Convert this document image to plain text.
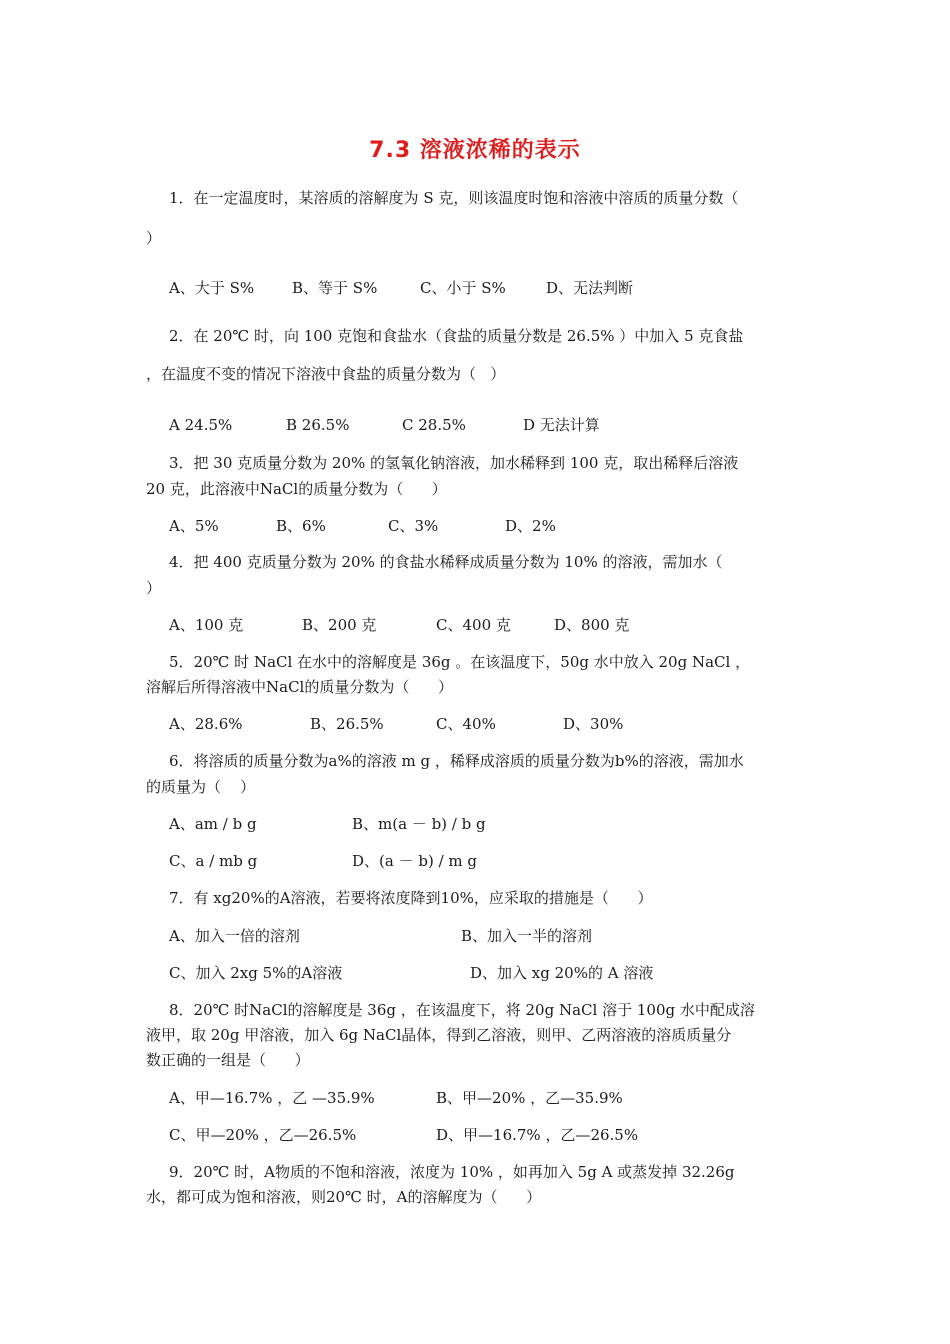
7.3 溶液浓稀的表示
1．在一定温度时，某溶质的溶解度为 S 克，则该温度时饱和溶液中溶质的质量分数（
）
A、大于 S%	B、等于 S%	C、小于 S%	D、无法判断
2．在 20℃ 时，向 100 克饱和食盐水（食盐的质量分数是 26.5% ）中加入 5 克食盐
，在温度不变的情况下溶液中食盐的质量分数为（   ）
A 24.5%	B 26.5%	C 28.5%	D 无法计算
3．把 30 克质量分数为 20% 的氢氧化钠溶液，加水稀释到 100 克，取出稀释后溶液
20 克，此溶液中NaCl的质量分数为（      ）
A、5%	B、6%	C、3%	D、2%
4．把 400 克质量分数为 20% 的食盐水稀释成质量分数为 10% 的溶液，需加水（
）
A、100 克	B、200 克	C、400 克	D、800 克
5．20℃ 时 NaCl 在水中的溶解度是 36g 。在该温度下，50g 水中放入 20g NaCl ，
溶解后所得溶液中NaCl的质量分数为（      ）
A、28.6%	B、26.5%	C、40%	D、30%
6．将溶质的质量分数为a%的溶液 m g ，稀释成溶质的质量分数为b%的溶液，需加水
的质量为（    ）
A、am / b g	B、m(a － b) / b g
C、a / mb g	D、(a － b) / m g
7．有 xg20%的A溶液，若要将浓度降到10%，应采取的措施是（      ）
A、加入一倍的溶剂	B、加入一半的溶剂
C、加入 2xg 5%的A溶液	D、加入 xg 20%的 A 溶液
8．20℃ 时NaCl的溶解度是 36g ，在该温度下，将 20g NaCl 溶于 100g 水中配成溶
液甲，取 20g 甲溶液，加入 6g NaCl晶体，得到乙溶液，则甲、乙两溶液的溶质质量分
数正确的一组是（      ）
A、甲—16.7% ，乙 —35.9%	B、甲—20% ，乙—35.9%
C、甲—20% ，乙—26.5%	D、甲—16.7% ，乙—26.5%
9．20℃ 时，A物质的不饱和溶液，浓度为 10% ，如再加入 5g A 或蒸发掉 32.26g
水，都可成为饱和溶液，则20℃ 时，A的溶解度为（      ）
